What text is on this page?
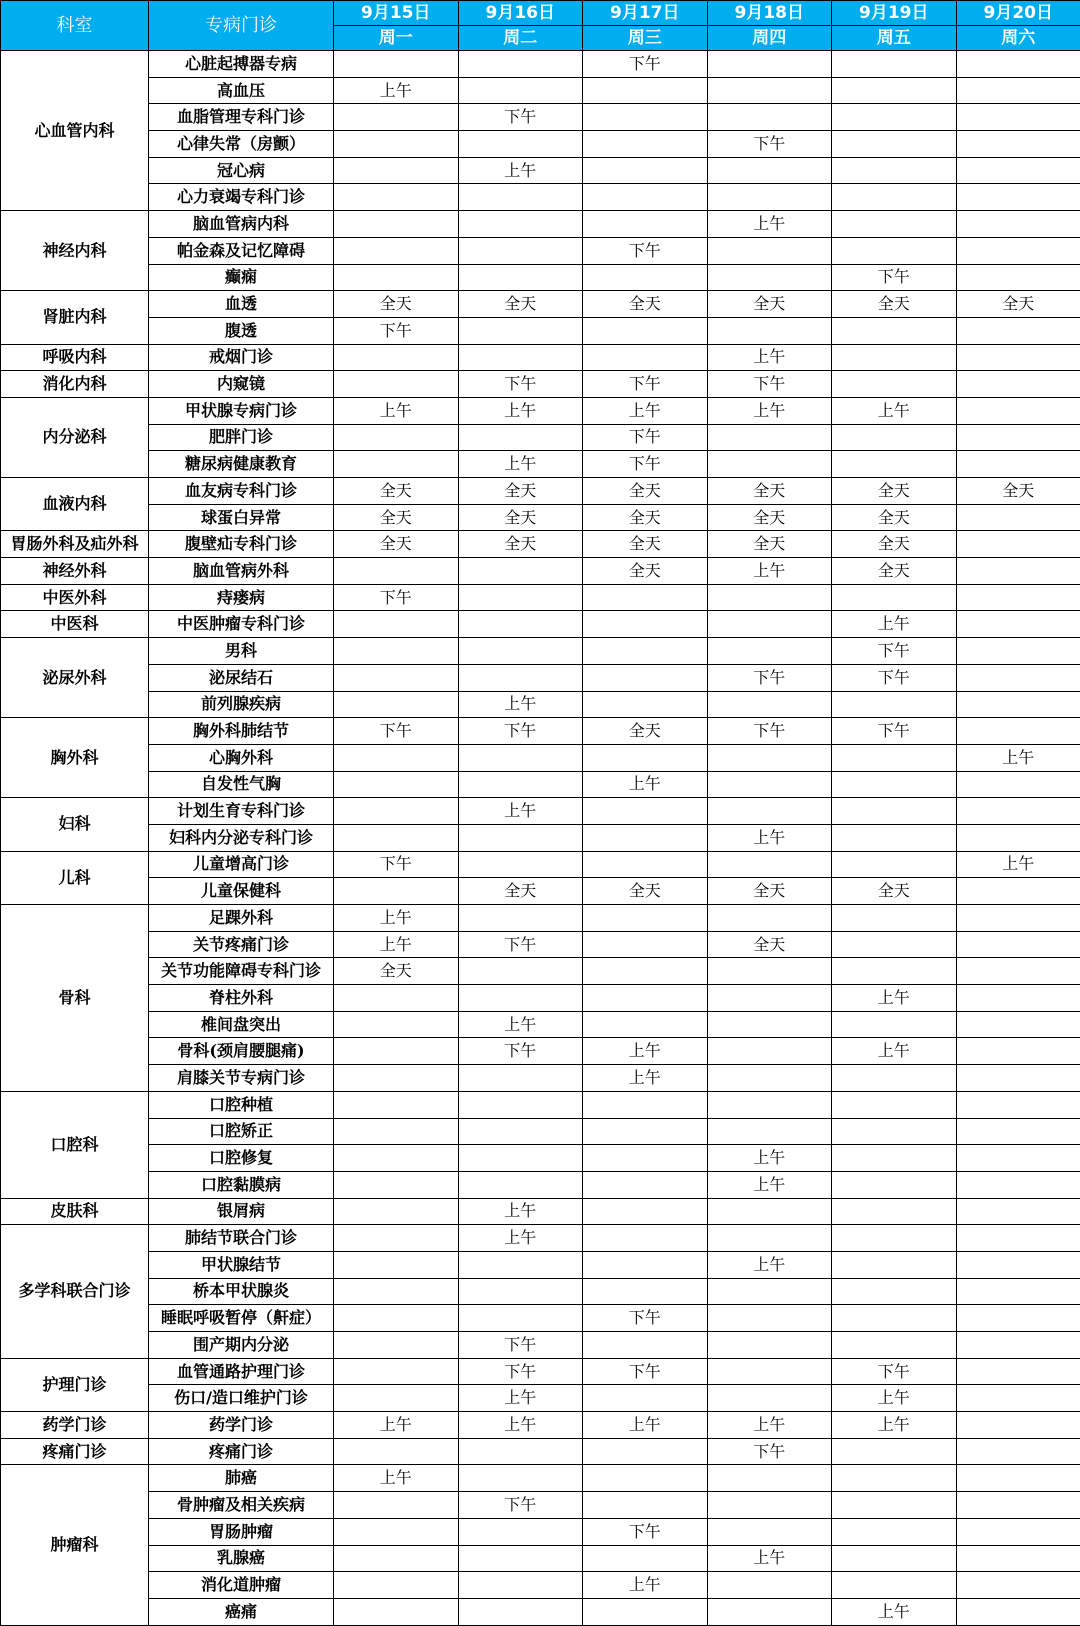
科室	专病门诊	9月15日	9月16日	9月17日	9月18日	9月19日	9月20日
		周一	周二	周三	周四	周五	周六
心血管内科	心脏起搏器专病			下午			
	高血压	上午					
	血脂管理专科门诊		下午				
	心律失常（房颤）				下午		
	冠心病		上午				
	心力衰竭专科门诊						
神经内科	脑血管病内科				上午		
	帕金森及记忆障碍			下午			
	癫痫					下午	
肾脏内科	血透	全天	全天	全天	全天	全天	全天
	腹透	下午					
呼吸内科	戒烟门诊				上午		
消化内科	内窥镜		下午	下午	下午		
内分泌科	甲状腺专病门诊	上午	上午	上午	上午	上午	
	肥胖门诊			下午			
	糖尿病健康教育		上午	下午			
血液内科	血友病专科门诊	全天	全天	全天	全天	全天	全天
	球蛋白异常	全天	全天	全天	全天	全天	
胃肠外科及疝外科	腹壁疝专科门诊	全天	全天	全天	全天	全天	
神经外科	脑血管病外科			全天	上午	全天	
中医外科	痔瘘病	下午					
中医科	中医肿瘤专科门诊					上午	
泌尿外科	男科					下午	
	泌尿结石				下午	下午	
	前列腺疾病		上午				
胸外科	胸外科肺结节	下午	下午	全天	下午	下午	
	心胸外科						上午
	自发性气胸			上午			
妇科	计划生育专科门诊		上午				
	妇科内分泌专科门诊				上午		
儿科	儿童增高门诊	下午					上午
	儿童保健科		全天	全天	全天	全天	
骨科	足踝外科	上午					
	关节疼痛门诊	上午	下午		全天		
	关节功能障碍专科门诊	全天					
	脊柱外科					上午	
	椎间盘突出		上午				
	骨科(颈肩腰腿痛)		下午	上午		上午	
	肩膝关节专病门诊			上午			
口腔科	口腔种植						
	口腔矫正						
	口腔修复				上午		
	口腔黏膜病				上午		
皮肤科	银屑病		上午				
多学科联合门诊	肺结节联合门诊		上午				
	甲状腺结节				上午		
	桥本甲状腺炎						
	睡眠呼吸暂停（鼾症）			下午			
	围产期内分泌		下午				
护理门诊	血管通路护理门诊		下午	下午		下午	
	伤口/造口维护门诊		上午			上午	
药学门诊	药学门诊	上午	上午	上午	上午	上午	
疼痛门诊	疼痛门诊				下午		
肿瘤科	肺癌	上午					
	骨肿瘤及相关疾病		下午				
	胃肠肿瘤			下午			
	乳腺癌				上午		
	消化道肿瘤			上午			
	癌痛					上午	
